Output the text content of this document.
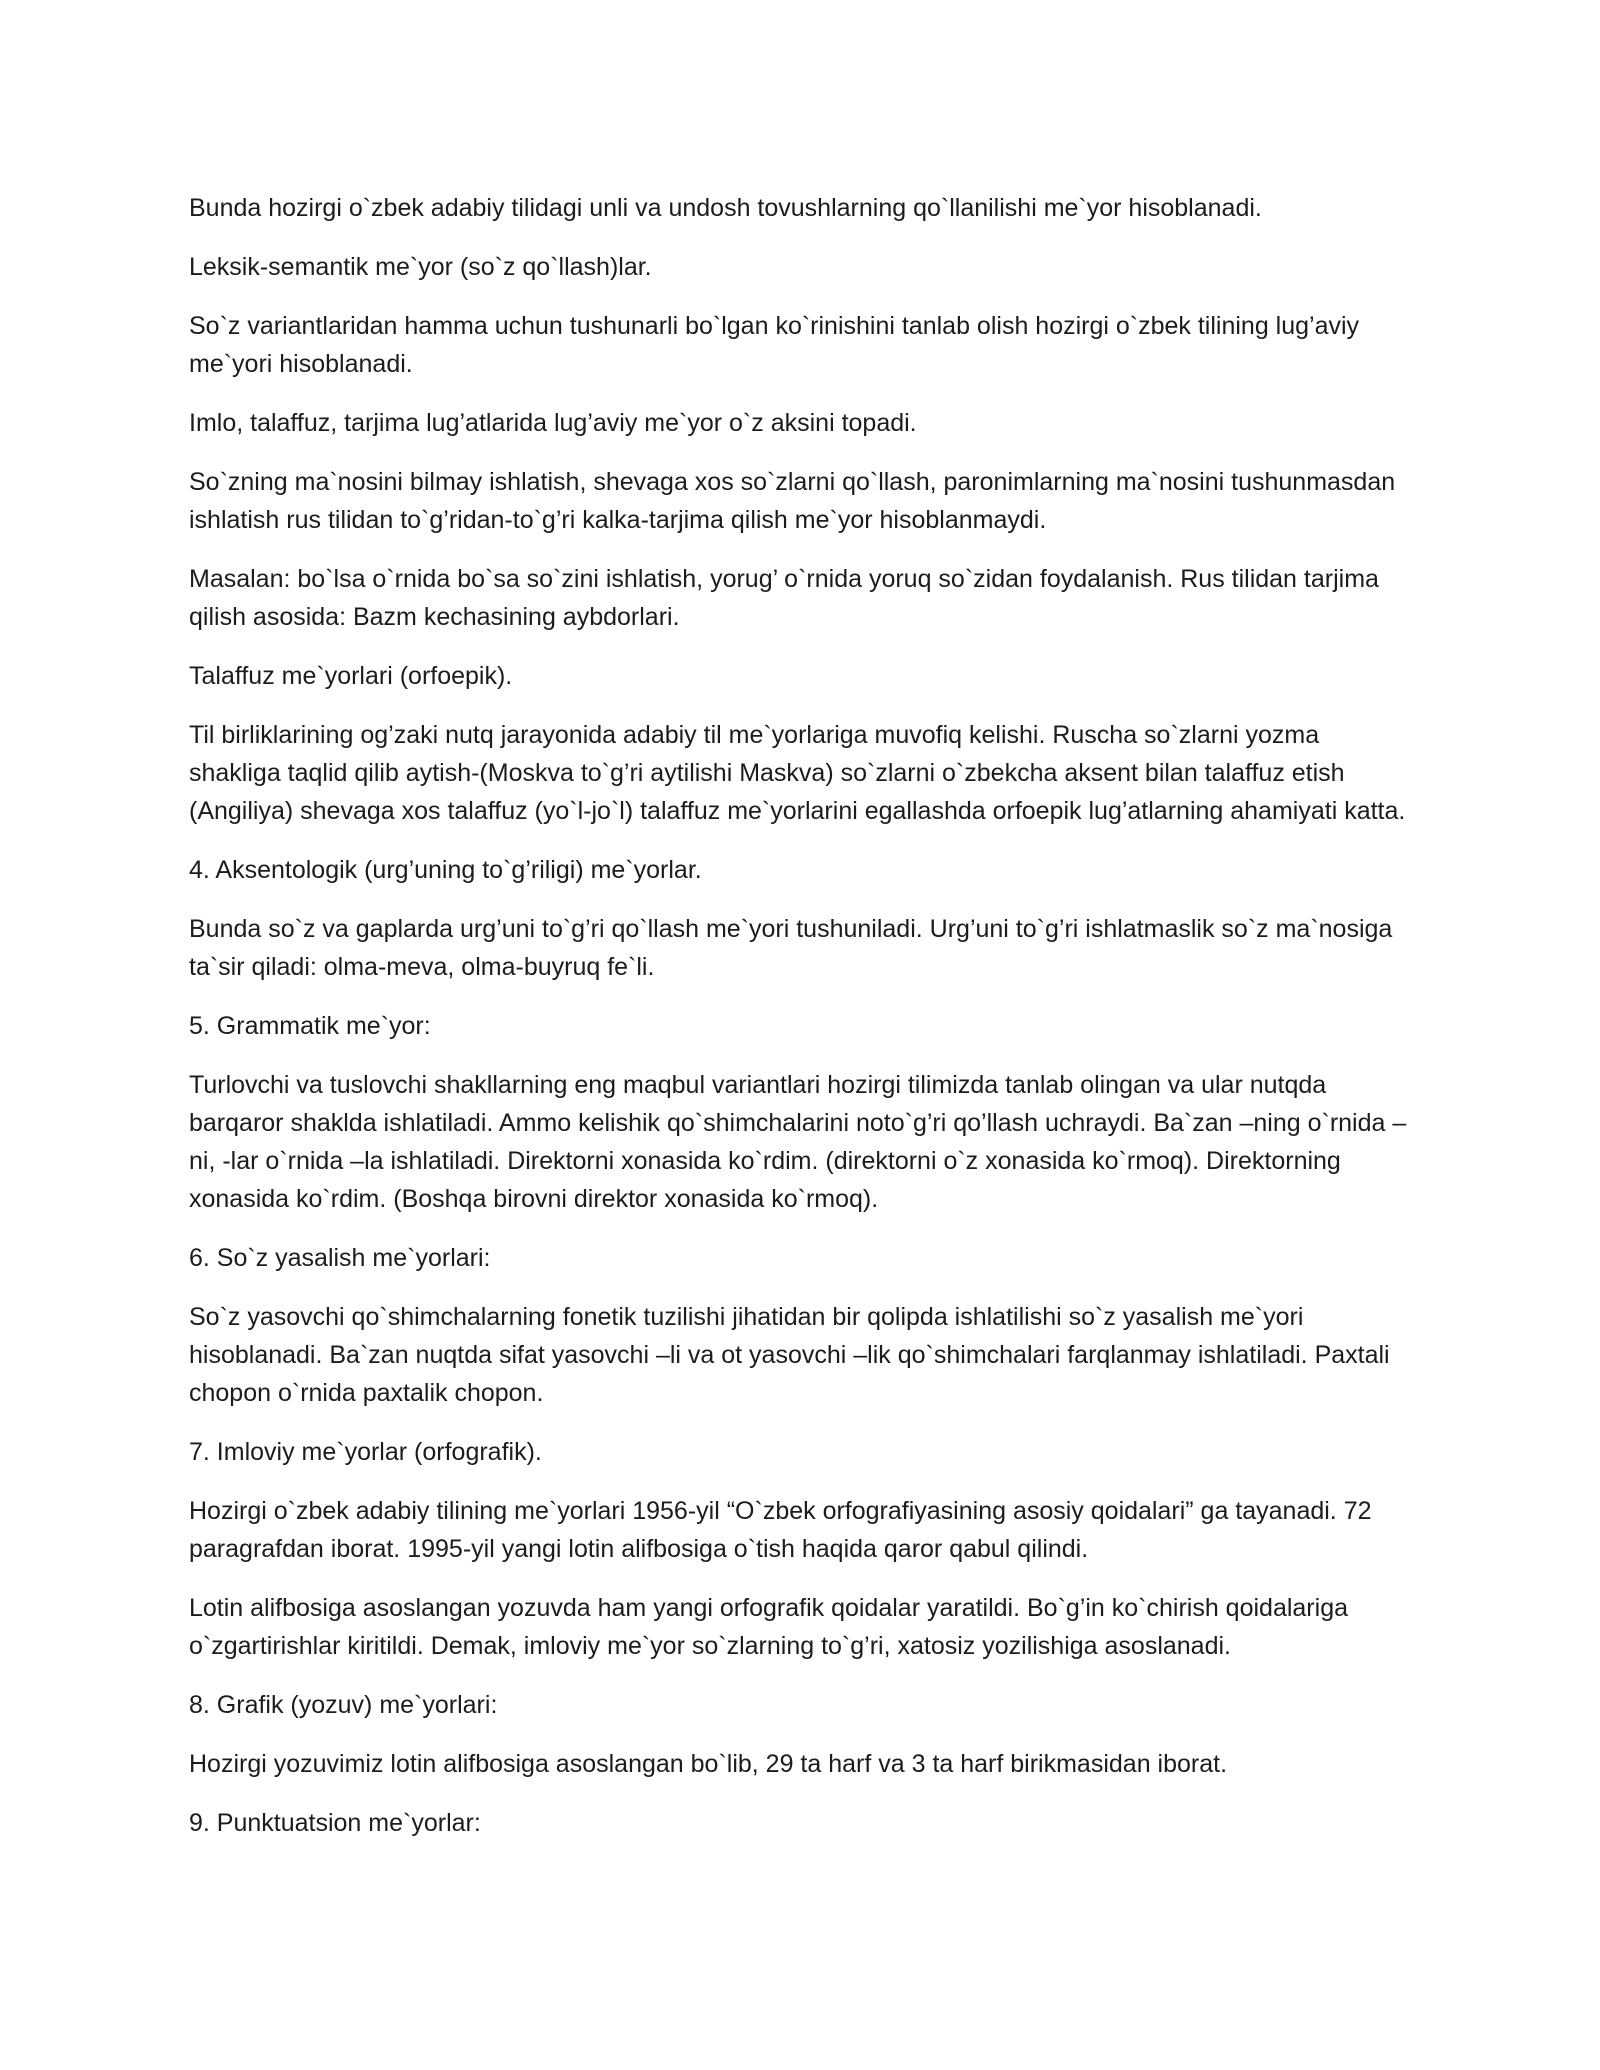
Bunda hozirgi o`zbek adabiy tilidagi unli va undosh tovushlarning qo`llanilishi me`yor hisoblanadi.

Leksik-semantik me`yor (so`z qo`llash)lar.

So`z variantlaridan hamma uchun tushunarli bo`lgan ko`rinishini tanlab olish hozirgi o`zbek tilining lug’aviy me`yori hisoblanadi.

Imlo, talaffuz, tarjima lug’atlarida lug’aviy me`yor o`z aksini topadi.

So`zning ma`nosini bilmay ishlatish, shevaga xos so`zlarni qo`llash, paronimlarning ma`nosini tushunmasdan ishlatish rus tilidan to`g’ridan-to`g’ri kalka-tarjima qilish me`yor hisoblanmaydi.

Masalan: bo`lsa o`rnida bo`sa so`zini ishlatish, yorug’ o`rnida yoruq so`zidan foydalanish. Rus tilidan tarjima qilish asosida: Bazm kechasining aybdorlari.

Talaffuz me`yorlari (orfoepik).

Til birliklarining og’zaki nutq jarayonida adabiy til me`yorlariga muvofiq kelishi. Ruscha so`zlarni yozma shakliga taqlid qilib aytish-(Moskva to`g’ri aytilishi Maskva) so`zlarni o`zbekcha aksent bilan talaffuz etish (Angiliya) shevaga xos talaffuz (yo`l-jo`l) talaffuz me`yorlarini egallashda orfoepik lug’atlarning ahamiyati katta.

4. Aksentologik (urg’uning to`g’riligi) me`yorlar.

Bunda so`z va gaplarda urg’uni to`g’ri qo`llash me`yori tushuniladi. Urg’uni to`g’ri ishlatmaslik so`z ma`nosiga ta`sir qiladi: olma-meva, olma-buyruq fe`li.

5. Grammatik me`yor:

Turlovchi va tuslovchi shakllarning eng maqbul variantlari hozirgi tilimizda tanlab olingan va ular nutqda barqaror shaklda ishlatiladi. Ammo kelishik qo`shimchalarini noto`g’ri qo’llash uchraydi. Ba`zan –ning o`rnida –ni, -lar o`rnida –la ishlatiladi. Direktorni xonasida ko`rdim. (direktorni o`z xonasida ko`rmoq). Direktorning xonasida ko`rdim. (Boshqa birovni direktor xonasida ko`rmoq).

6. So`z yasalish me`yorlari:

So`z yasovchi qo`shimchalarning fonetik tuzilishi jihatidan bir qolipda ishlatilishi so`z yasalish me`yori hisoblanadi. Ba`zan nuqtda sifat yasovchi –li va ot yasovchi –lik qo`shimchalari farqlanmay ishlatiladi. Paxtali chopon o`rnida paxtalik chopon.

7. Imloviy me`yorlar (orfografik).

Hozirgi o`zbek adabiy tilining me`yorlari 1956-yil “O`zbek orfografiyasining asosiy qoidalari” ga tayanadi. 72 paragrafdan iborat. 1995-yil yangi lotin alifbosiga o`tish haqida qaror qabul qilindi.

Lotin alifbosiga asoslangan yozuvda ham yangi orfografik qoidalar yaratildi. Bo`g’in ko`chirish qoidalariga o`zgartirishlar kiritildi. Demak, imloviy me`yor so`zlarning to`g’ri, xatosiz yozilishiga asoslanadi.

8. Grafik (yozuv) me`yorlari:

Hozirgi yozuvimiz lotin alifbosiga asoslangan bo`lib, 29 ta harf va 3 ta harf birikmasidan iborat.

9. Punktuatsion me`yorlar:
